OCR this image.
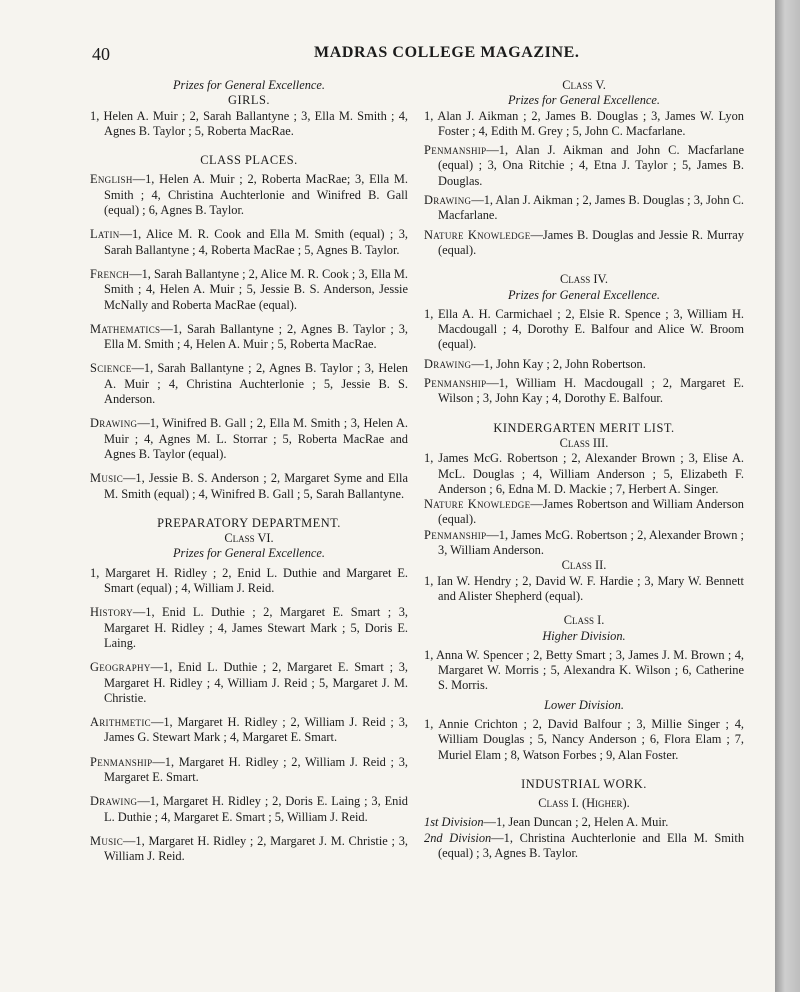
40	MADRAS COLLEGE MAGAZINE.

Prizes for General Excellence.

GIRLS.

1, Helen A. Muir ; 2, Sarah Ballantyne ; 3, Ella M. Smith ; 4, Agnes B. Taylor ; 5, Roberta MacRae.

CLASS PLACES.

English—1, Helen A. Muir ; 2, Roberta MacRae; 3, Ella M. Smith ; 4, Christina Auchterlonie and Winifred B. Gall (equal) ; 6, Agnes B. Taylor.

Latin—1, Alice M. R. Cook and Ella M. Smith (equal) ; 3, Sarah Ballantyne ; 4, Roberta MacRae ; 5, Agnes B. Taylor.

French—1, Sarah Ballantyne ; 2, Alice M. R. Cook ; 3, Ella M. Smith ; 4, Helen A. Muir ; 5, Jessie B. S. Anderson, Jessie McNally and Roberta MacRae (equal).

Mathematics—1, Sarah Ballantyne ; 2, Agnes B. Taylor ; 3, Ella M. Smith ; 4, Helen A. Muir ; 5, Roberta MacRae.

Science—1, Sarah Ballantyne ; 2, Agnes B. Taylor ; 3, Helen A. Muir ; 4, Christina Auchterlonie ; 5, Jessie B. S. Anderson.

Drawing—1, Winifred B. Gall ; 2, Ella M. Smith ; 3, Helen A. Muir ; 4, Agnes M. L. Storrar ; 5, Roberta MacRae and Agnes B. Taylor (equal).

Music—1, Jessie B. S. Anderson ; 2, Margaret Syme and Ella M. Smith (equal) ; 4, Winifred B. Gall ; 5, Sarah Ballantyne.

PREPARATORY DEPARTMENT.

Class VI.

Prizes for General Excellence.

1, Margaret H. Ridley ; 2, Enid L. Duthie and Margaret E. Smart (equal) ; 4, William J. Reid.

History—1, Enid L. Duthie ; 2, Margaret E. Smart ; 3, Margaret H. Ridley ; 4, James Stewart Mark ; 5, Doris E. Laing.

Geography—1, Enid L. Duthie ; 2, Margaret E. Smart ; 3, Margaret H. Ridley ; 4, William J. Reid ; 5, Margaret J. M. Christie.

Arithmetic—1, Margaret H. Ridley ; 2, William J. Reid ; 3, James G. Stewart Mark ; 4, Margaret E. Smart.

Penmanship—1, Margaret H. Ridley ; 2, William J. Reid ; 3, Margaret E. Smart.

Drawing—1, Margaret H. Ridley ; 2, Doris E. Laing ; 3, Enid L. Duthie ; 4, Margaret E. Smart ; 5, William J. Reid.

Music—1, Margaret H. Ridley ; 2, Margaret J. M. Christie ; 3, William J. Reid.

Class V.

Prizes for General Excellence.

1, Alan J. Aikman ; 2, James B. Douglas ; 3, James W. Lyon Foster ; 4, Edith M. Grey ; 5, John C. Macfarlane.

Penmanship—1, Alan J. Aikman and John C. Macfarlane (equal) ; 3, Ona Ritchie ; 4, Etna J. Taylor ; 5, James B. Douglas.

Drawing—1, Alan J. Aikman ; 2, James B. Douglas ; 3, John C. Macfarlane.

Nature Knowledge—James B. Douglas and Jessie R. Murray (equal).

Class IV.

Prizes for General Excellence.

1, Ella A. H. Carmichael ; 2, Elsie R. Spence ; 3, William H. Macdougall ; 4, Dorothy E. Balfour and Alice W. Broom (equal).

Drawing—1, John Kay ; 2, John Robertson.

Penmanship—1, William H. Macdougall ; 2, Margaret E. Wilson ; 3, John Kay ; 4, Dorothy E. Balfour.

KINDERGARTEN MERIT LIST.

Class III.

1, James McG. Robertson ; 2, Alexander Brown ; 3, Elise A. McL. Douglas ; 4, William Anderson ; 5, Elizabeth F. Anderson ; 6, Edna M. D. Mackie ; 7, Herbert A. Singer.

Nature Knowledge—James Robertson and William Anderson (equal).

Penmanship—1, James McG. Robertson ; 2, Alexander Brown ; 3, William Anderson.

Class II.

1, Ian W. Hendry ; 2, David W. F. Hardie ; 3, Mary W. Bennett and Alister Shepherd (equal).

Class I.

Higher Division.

1, Anna W. Spencer ; 2, Betty Smart ; 3, James J. M. Brown ; 4, Margaret W. Morris ; 5, Alexandra K. Wilson ; 6, Catherine S. Morris.

Lower Division.

1, Annie Crichton ; 2, David Balfour ; 3, Millie Singer ; 4, William Douglas ; 5, Nancy Anderson ; 6, Flora Elam ; 7, Muriel Elam ; 8, Watson Forbes ; 9, Alan Foster.

INDUSTRIAL WORK.

Class I. (Higher).

1st Division—1, Jean Duncan ; 2, Helen A. Muir.

2nd Division—1, Christina Auchterlonie and Ella M. Smith (equal) ; 3, Agnes B. Taylor.
